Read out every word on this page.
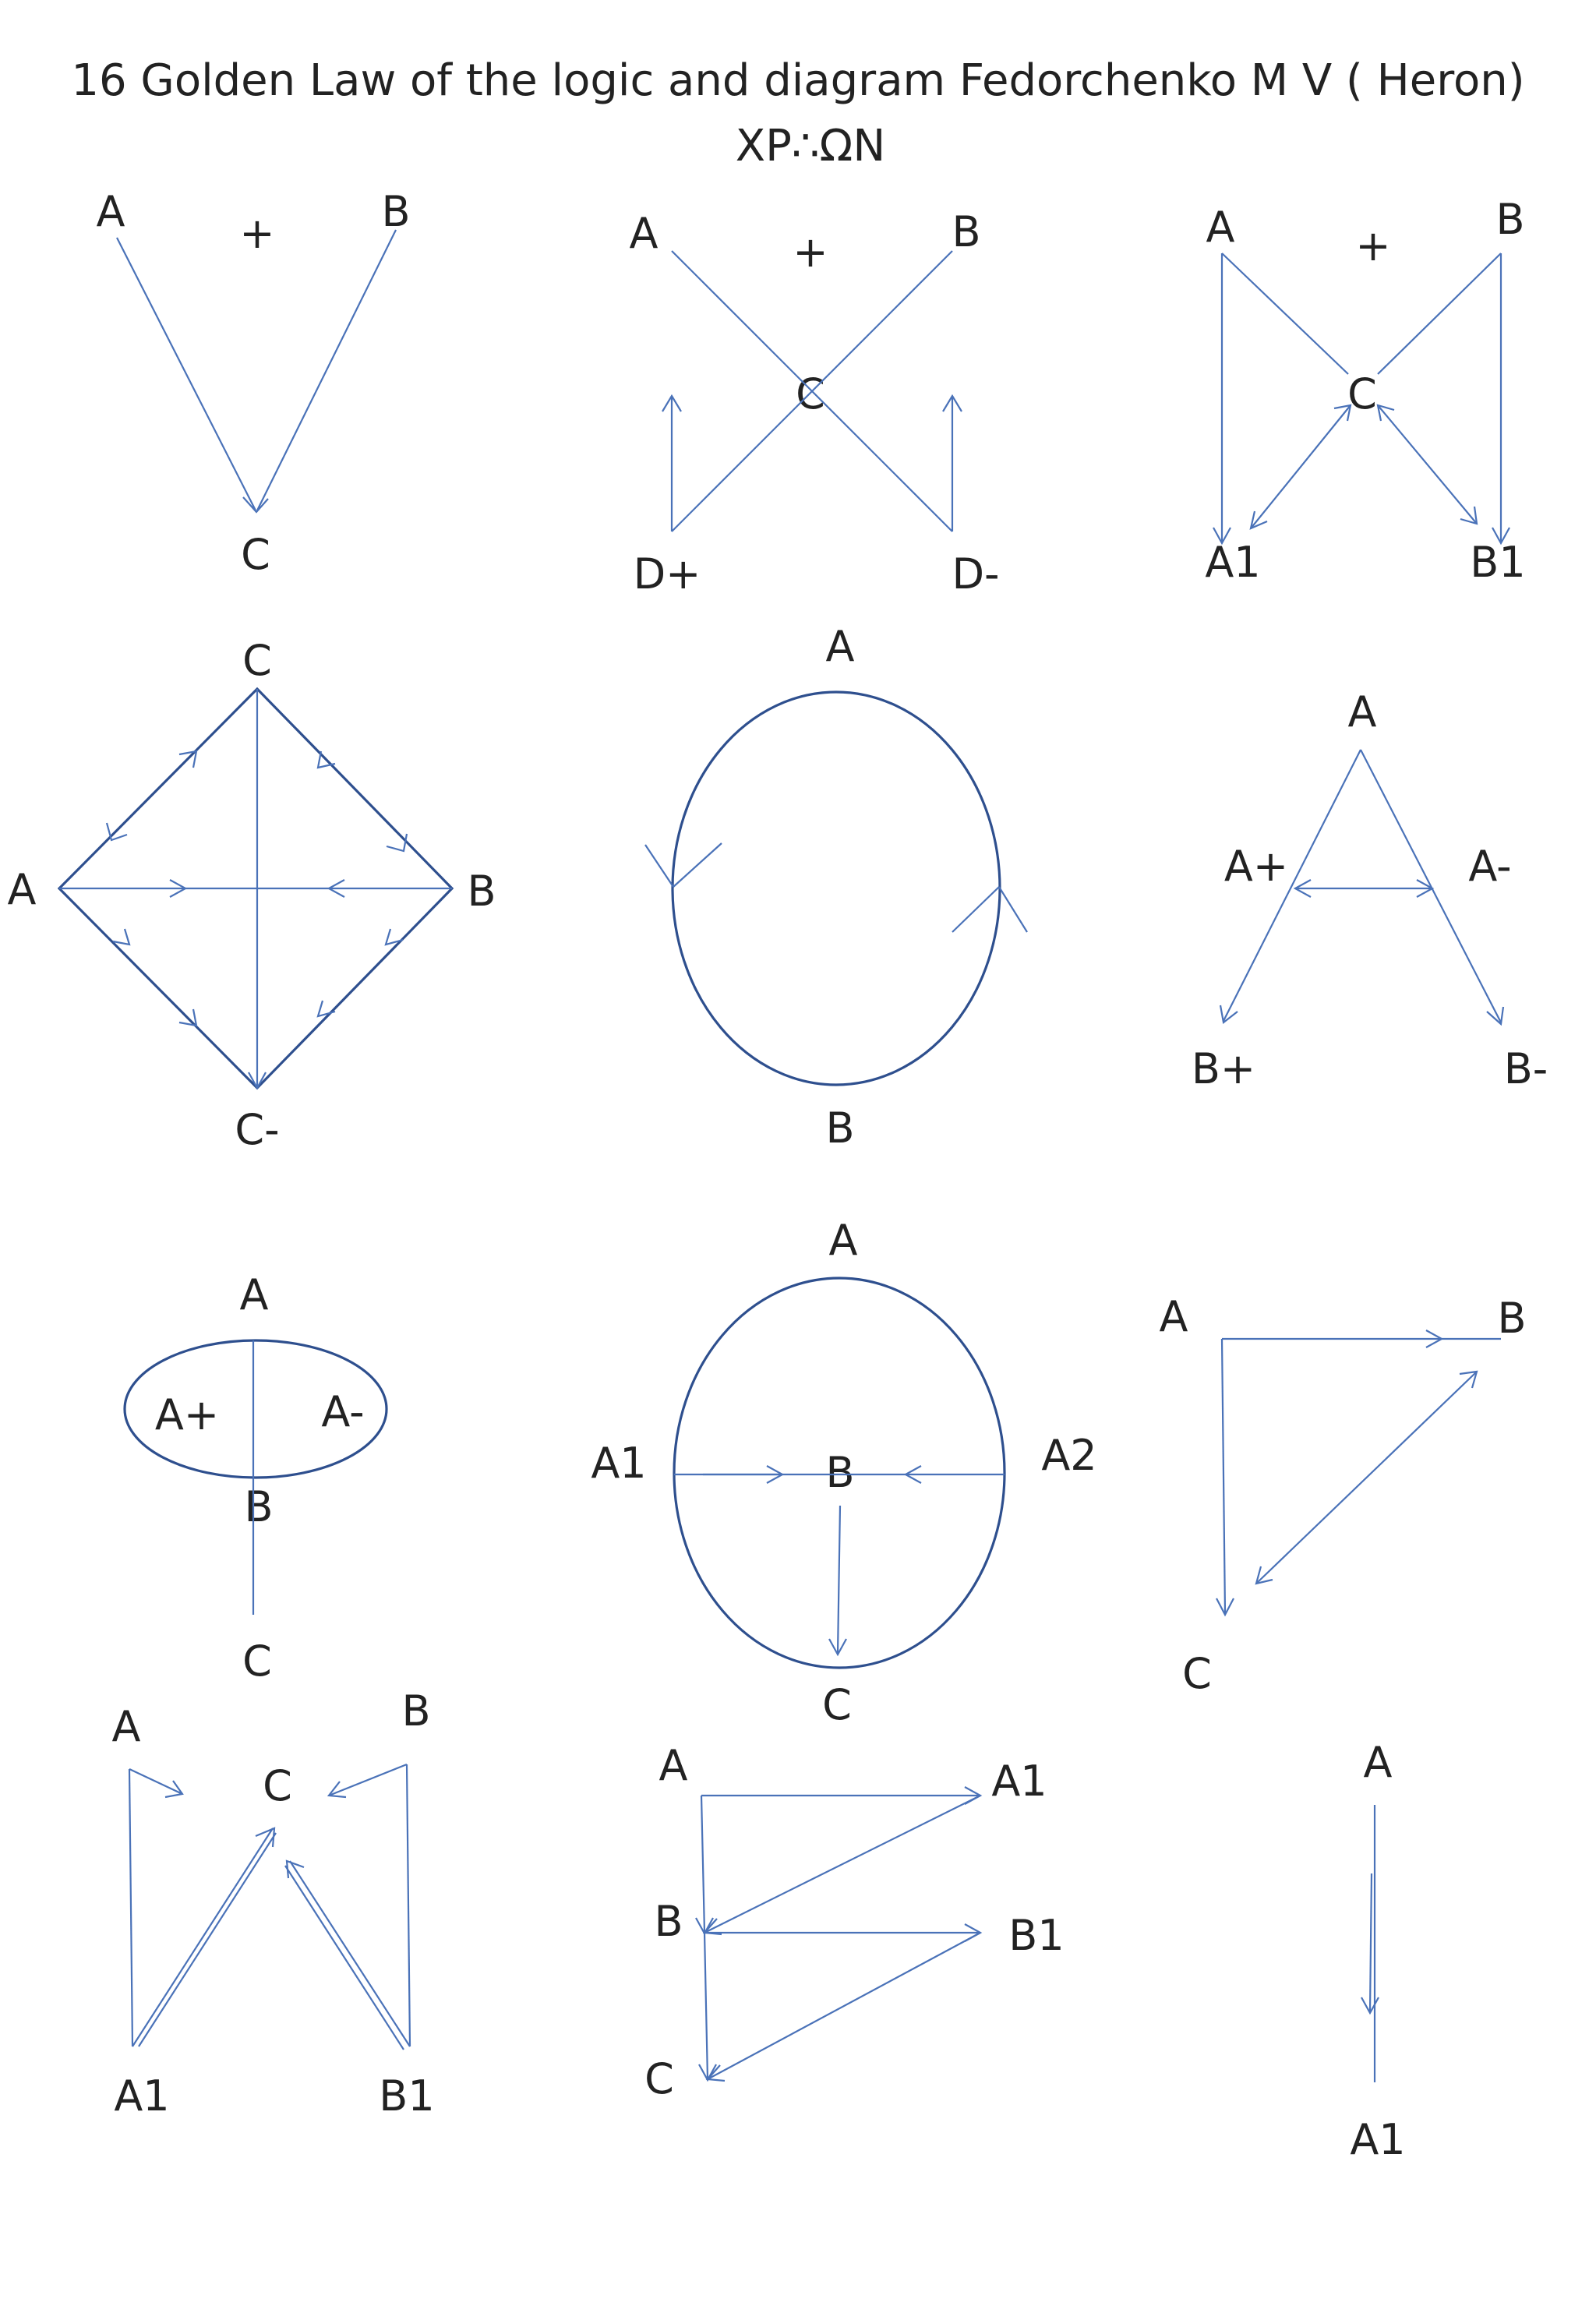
16 Golden Law of the logic and diagram Fedorchenko M V ( Heron)
XP∴ΩN
A	+	B
C
A	+	B
C
D+	D-
A	+
B
C
A1	B1
C
A	B
C-
A
B
A
A+	A-
B+	B-
A
A+ A-
B
C
A
A1	B	A2
C
A	B
C
A	B
C
A1	B1
A	A1
B	B1
C
A
A1
